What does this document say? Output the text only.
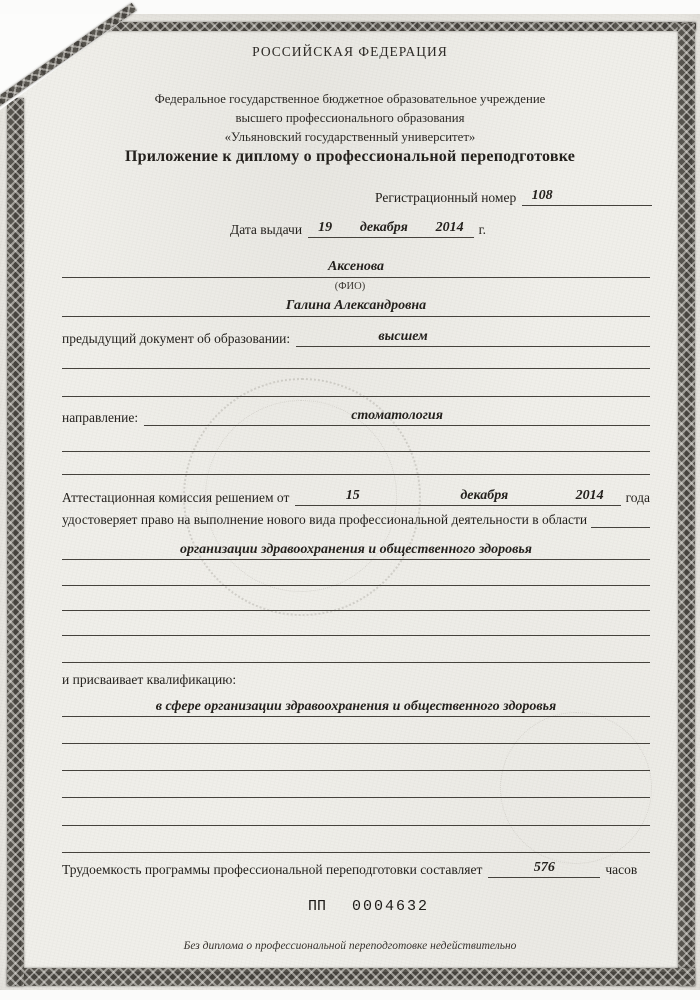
РОССИЙСКАЯ ФЕДЕРАЦИЯ
Федеральное государственное бюджетное образовательное учреждение
высшего профессионального образования
«Ульяновский государственный университет»
Приложение к диплому о профессиональной переподготовке
Регистрационный номер	108
Дата выдачи	19 декабря 2014	г.
Аксенова
(ФИО)
Галина Александровна
предыдущий документ об образовании:	высшем
направление:	стоматология
Аттестационная комиссия решением от	15	декабря	2014	года
удостоверяет право на выполнение нового вида профессиональной деятельности в области
организации здравоохранения и общественного здоровья
и присваивает квалификацию:
в сфере организации здравоохранения и общественного здоровья
Трудоемкость программы профессиональной переподготовки составляет	576	часов
ПП 0004632
Без диплома о профессиональной переподготовке недействительно
